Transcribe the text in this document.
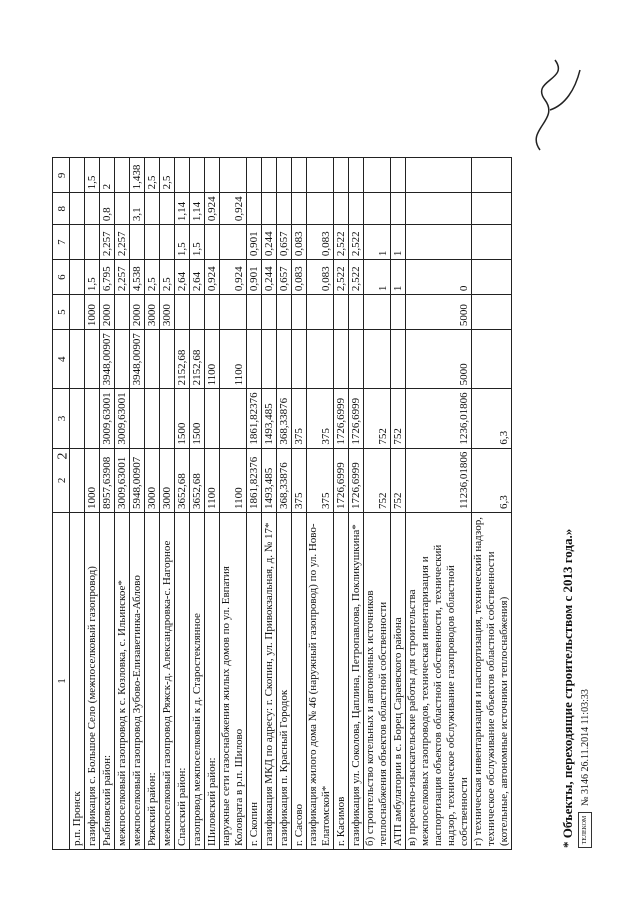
2
1	2	3	4	5	6	7	8	9
р.п. Пронск								
газификация с. Большое Село (межпоселковый газопровод)	1000			1000	1,5			1,5
Рыбновский район:	8957,63908	3009,63001	3948,00907	2000	6,795	2,257	0,8	2
межпоселковый газопровод к с. Козловка, с. Ильинское*	3009,63001	3009,63001			2,257	2,257		
межпоселковый газопровод Зубово-Елизаветинка-Аблово	5948,00907		3948,00907	2000	4,538		3,1	1,438
Ряжский район:	3000			3000	2,5			2,5
межпоселковый газопровод Ряжск-д. Александровка-с. Нагорное	3000			3000	2,5			2,5
Спасский район:	3652,68	1500	2152,68		2,64	1,5	1,14	
газопровод межпоселковый к д. Старостеклянное	3652,68	1500	2152,68		2,64	1,5	1,14	
Шиловский район:	1100		1100		0,924		0,924	
наружные сети газоснабжения жилых домов по ул. Евпатия Коловрата в р.п. Шилово	1100		1100		0,924		0,924	
г. Скопин	1861,82376	1861,82376			0,901	0,901		
газификация МКД по адресу: г. Скопин, ул. Привокзальная, д. № 17*	1493,485	1493,485			0,244	0,244		
газификация п. Красный Городок	368,33876	368,33876			0,657	0,657		
г. Сасово	375	375			0,083	0,083		
газификация жилого дома № 46 (наружный газопровод) по ул. Ново-Елатомской*	375	375			0,083	0,083		
г. Касимов	1726,6999	1726,6999			2,522	2,522		
газификация ул. Соколова, Цаплина, Петропавлова, Покликушкина*	1726,6999	1726,6999			2,522	2,522		
б) строительство котельных и автономных источников теплоснабжения объектов областной собственности	752	752			1	1		
АТП амбулатории в с. Борец Сараевского района	752	752			1	1		
в) проектно-изыскательские работы для строительства межпоселковых газопроводов, техническая инвентаризация и паспортизация объектов областной собственности, технический надзор, техническое обслуживание газопроводов областной собственности	11236,01806	1236,01806	5000	5000	0			
г) техническая инвентаризация и паспортизация, технический надзор, техническое обслуживание объектов областной собственности (котельные, автономные источники теплоснабжения)	6,3	6,3						
* Объекты, переходящие строительством с 2013 года.»	ТЕЛЕКОМ
№ 3146 26.11.2014 11:03:33
